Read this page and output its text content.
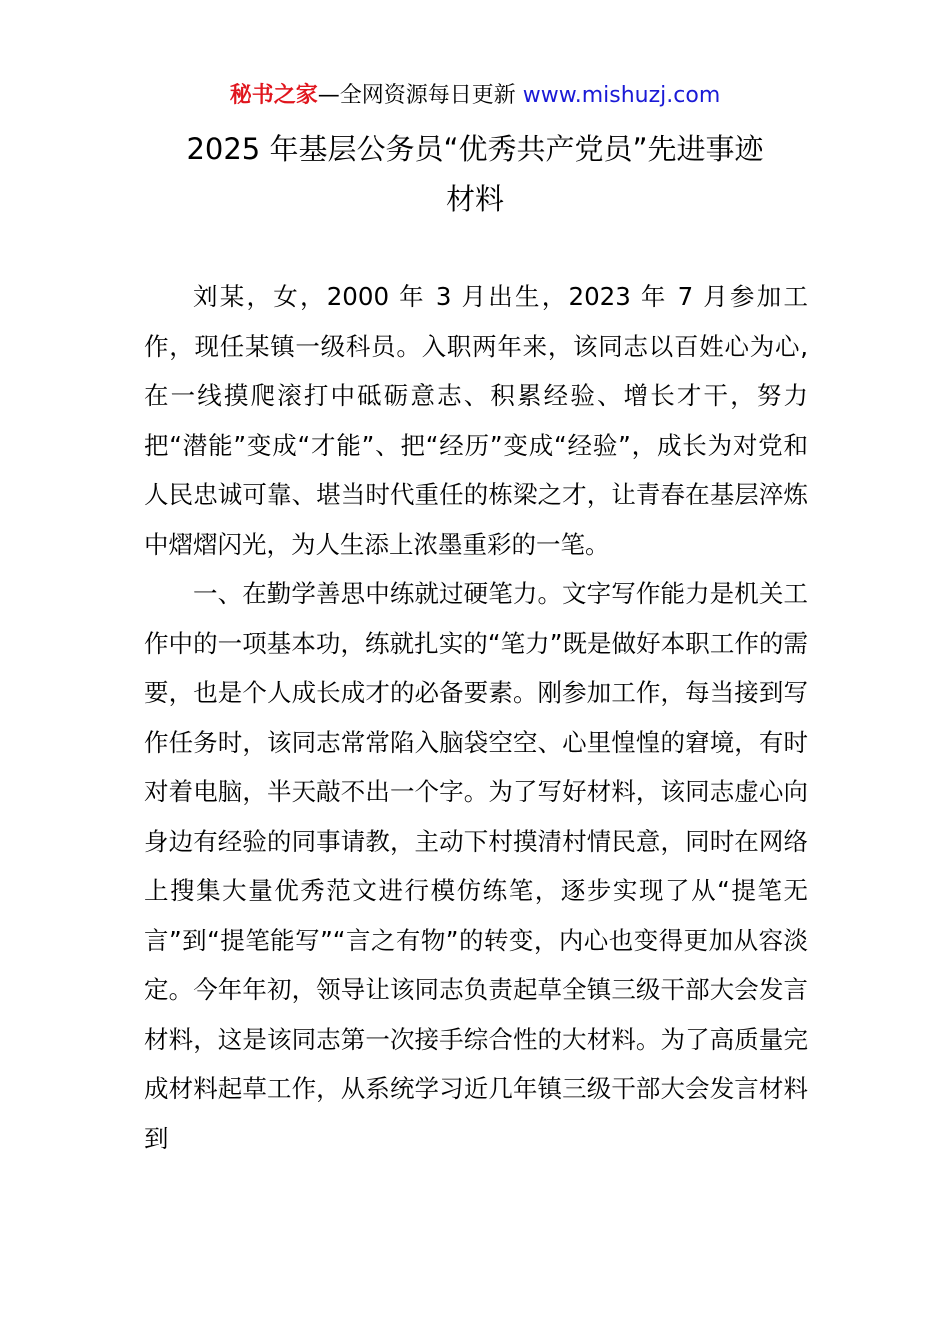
秘书之家—全网资源每日更新 www.mishuzj.com
2025 年基层公务员“优秀共产党员”先进事迹
材料

刘某，女，2000 年 3 月出生，2023 年 7 月参加工作，现任某镇一级科员。入职两年来，该同志以百姓心为心,在一线摸爬滚打中砥砺意志、积累经验、增长才干，努力把“潜能”变成“才能”、把“经历”变成“经验”，成长为对党和人民忠诚可靠、堪当时代重任的栋梁之才，让青春在基层淬炼中熠熠闪光，为人生添上浓墨重彩的一笔。

一、在勤学善思中练就过硬笔力。文字写作能力是机关工作中的一项基本功，练就扎实的“笔力”既是做好本职工作的需要，也是个人成长成才的必备要素。刚参加工作，每当接到写作任务时，该同志常常陷入脑袋空空、心里惶惶的窘境，有时对着电脑，半天敲不出一个字。为了写好材料，该同志虚心向身边有经验的同事请教，主动下村摸清村情民意，同时在网络上搜集大量优秀范文进行模仿练笔，逐步实现了从“提笔无言”到“提笔能写”“言之有物”的转变，内心也变得更加从容淡定。今年年初，领导让该同志负责起草全镇三级干部大会发言材料，这是该同志第一次接手综合性的大材料。为了高质量完成材料起草工作，从系统学习近几年镇三级干部大会发言材料到
